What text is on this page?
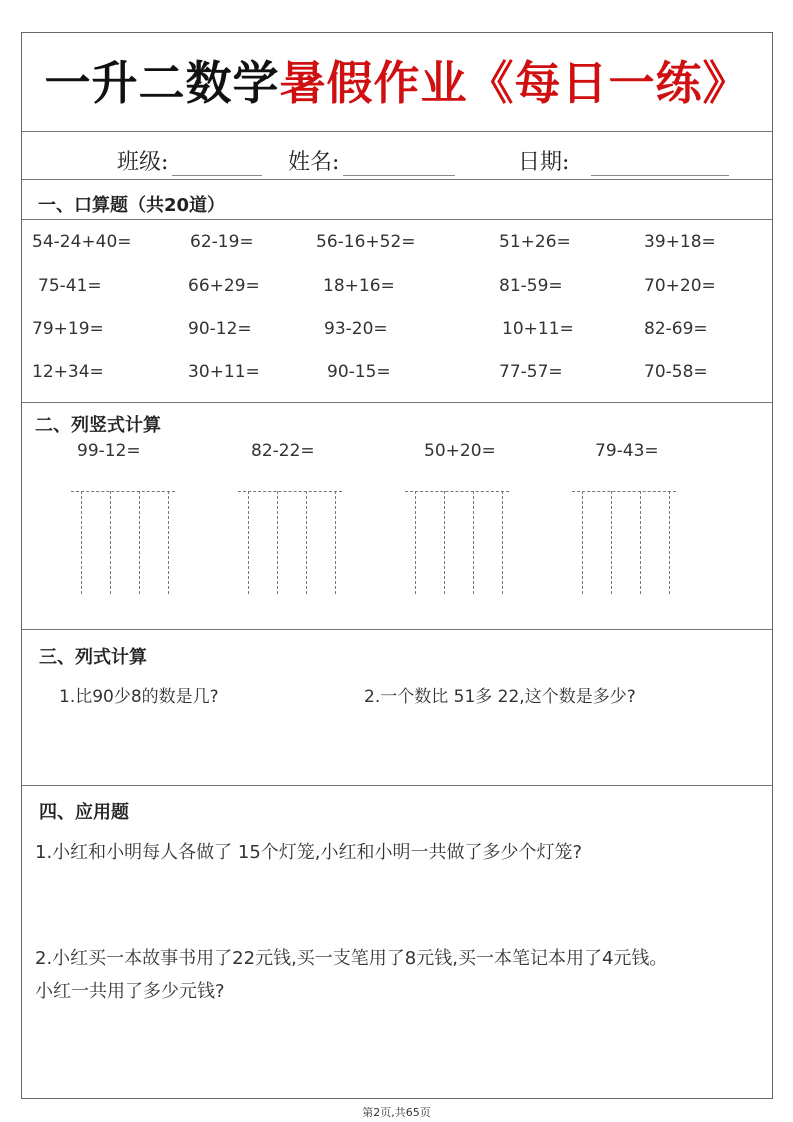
一升二数学暑假作业《每日一练》
班级:	姓名:	日期:
一、口算题（共20道）
54-24+40=	62-19=	56-16+52=	51+26=	39+18=
75-41=	66+29=	18+16=	81-59=	70+20=
79+19=	90-12=	93-20=	10+11=	82-69=
12+34=	30+11=	90-15=	77-57=	70-58=
二、列竖式计算
99-12=	82-22=	50+20=	79-43=
三、列式计算
1.比90少8的数是几?	2.一个数比 51多 22,这个数是多少?
四、应用题
1.小红和小明每人各做了 15个灯笼,小红和小明一共做了多少个灯笼?
2.小红买一本故事书用了22元钱,买一支笔用了8元钱,买一本笔记本用了4元钱。
小红一共用了多少元钱?
第2页,共65页
